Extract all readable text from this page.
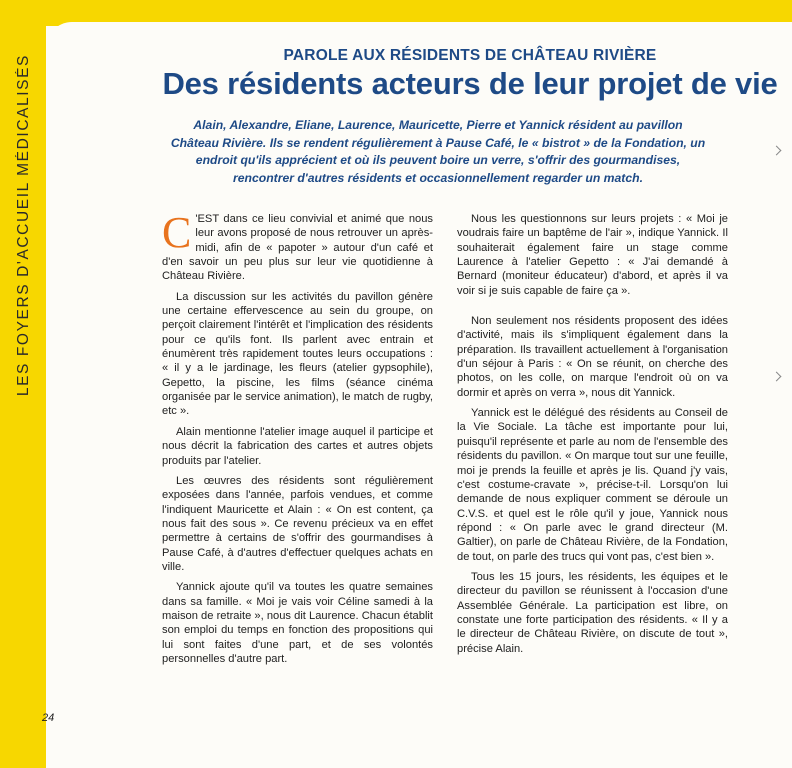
LES FOYERS D'ACCUEIL MÉDICALISÉS
24
PAROLE AUX RÉSIDENTS DE CHÂTEAU RIVIÈRE
Des résidents acteurs de leur projet de vie
Alain, Alexandre, Eliane, Laurence, Mauricette, Pierre et Yannick résident au pavillon Château Rivière. Ils se rendent régulièrement à Pause Café, le « bistrot » de la Fondation, un endroit qu'ils apprécient et où ils peuvent boire un verre, s'offrir des gourmandises, rencontrer d'autres résidents et occasionnellement regarder un match.

C 'EST dans ce lieu convivial et animé que nous leur avons proposé de nous retrouver un après-midi, afin de « papoter » autour d'un café et d'en savoir un peu plus sur leur vie quotidienne à Château Rivière.

La discussion sur les activités du pavillon génère une certaine effervescence au sein du groupe, on perçoit clairement l'intérêt et l'implication des résidents pour ce qu'ils font. Ils parlent avec entrain et énumèrent très rapidement toutes leurs occupations : « il y a le jardinage, les fleurs (atelier gypsophile), Gepetto, la piscine, les films (séance cinéma organisée par le service animation), le match de rugby, etc ».

Alain mentionne l'atelier image auquel il participe et nous décrit la fabrication des cartes et autres objets produits par l'atelier.

Les œuvres des résidents sont régulièrement exposées dans l'année, parfois vendues, et comme l'indiquent Mauricette et Alain : « On est content, ça nous fait des sous ». Ce revenu précieux va en effet permettre à certains de s'offrir des gourmandises à Pause Café, à d'autres d'effectuer quelques achats en ville.

Yannick ajoute qu'il va toutes les quatre semaines dans sa famille. « Moi je vais voir Céline samedi à la maison de retraite », nous dit Laurence. Chacun établit son emploi du temps en fonction des propositions qui lui sont faites d'une part, et de ses volontés personnelles d'autre part.

Nous les questionnons sur leurs projets : « Moi je voudrais faire un baptême de l'air », indique Yannick. Il souhaiterait également faire un stage comme Laurence à l'atelier Gepetto : « J'ai demandé à Bernard (moniteur éducateur) d'abord, et après il va voir si je suis capable de faire ça ».

Non seulement nos résidents proposent des idées d'activité, mais ils s'impliquent également dans la préparation. Ils travaillent actuellement à l'organisation d'un séjour à Paris : « On se réunit, on cherche des photos, on les colle, on marque l'endroit où on va dormir et après on verra », nous dit Yannick.

Yannick est le délégué des résidents au Conseil de la Vie Sociale. La tâche est importante pour lui, puisqu'il représente et parle au nom de l'ensemble des résidents du pavillon. « On marque tout sur une feuille, moi je prends la feuille et après je lis. Quand j'y vais, c'est costume-cravate », précise-t-il. Lorsqu'on lui demande de nous expliquer comment se déroule un C.V.S. et quel est le rôle qu'il y joue, Yannick nous répond : « On parle avec le grand directeur (M. Galtier), on parle de Château Rivière, de la Fondation, de tout, on parle des trucs qui vont pas, c'est bien ».

Tous les 15 jours, les résidents, les équipes et le directeur du pavillon se réunissent à l'occasion d'une Assemblée Générale. La participation est libre, on constate une forte participation des résidents. « Il y a le directeur de Château Rivière, on discute de tout », précise Alain.
